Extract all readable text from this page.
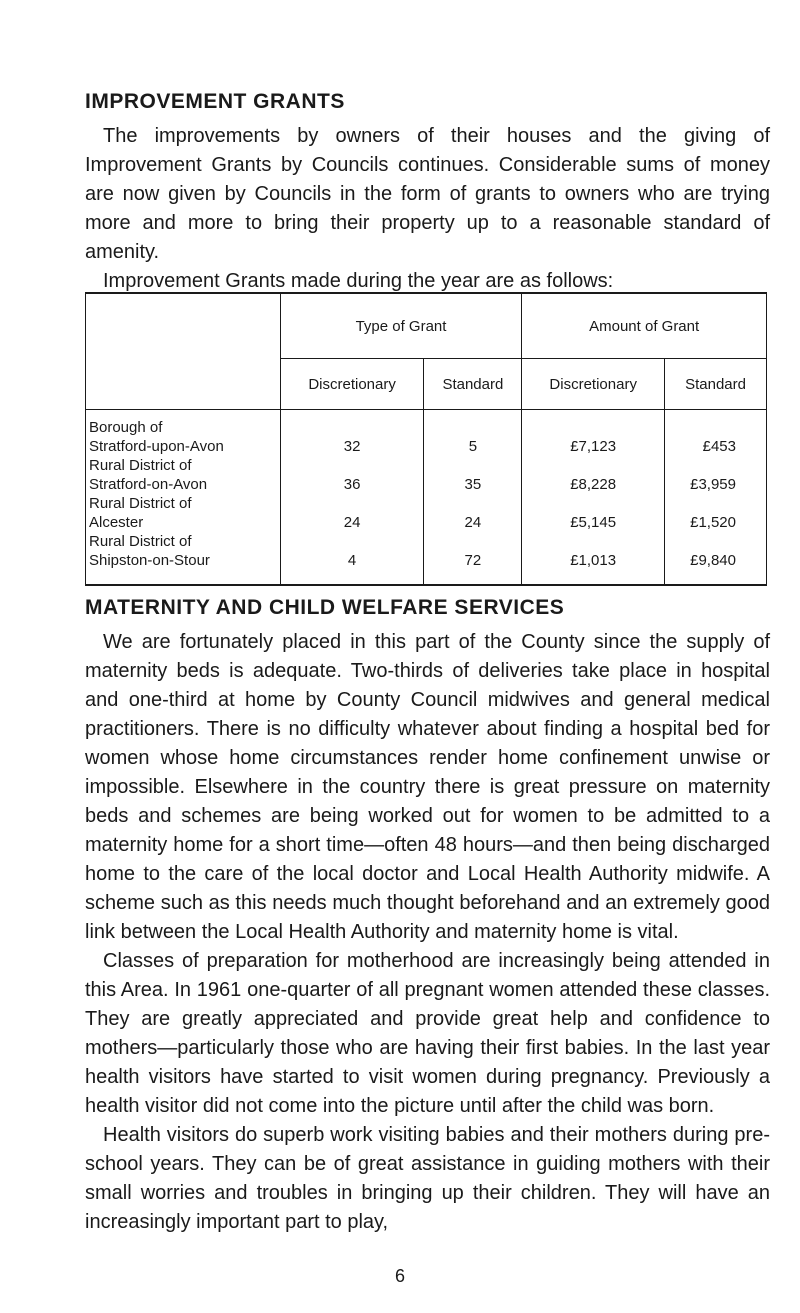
IMPROVEMENT GRANTS

The improvements by owners of their houses and the giving of Improvement Grants by Councils continues. Considerable sums of money are now given by Councils in the form of grants to owners who are trying more and more to bring their property up to a reasonable standard of amenity.

Improvement Grants made during the year are as follows:

	Type of Grant		Amount of Grant	
	Discretionary	Standard	Discretionary	Standard
Borough of
Stratford-upon-Avon	32	5	£7,123	£453
Rural District of
Stratford-on-Avon	36	35	£8,228	£3,959
Rural District of
Alcester	24	24	£5,145	£1,520
Rural District of
Shipston-on-Stour	4	72	£1,013	£9,840
MATERNITY AND CHILD WELFARE SERVICES

We are fortunately placed in this part of the County since the supply of maternity beds is adequate. Two-thirds of deliveries take place in hospital and one-third at home by County Council midwives and general medical practitioners. There is no difficulty whatever about finding a hospital bed for women whose home circumstances render home confinement unwise or impossible. Elsewhere in the country there is great pressure on maternity beds and schemes are being worked out for women to be admitted to a maternity home for a short time—often 48 hours—and then being discharged home to the care of the local doctor and Local Health Authority midwife. A scheme such as this needs much thought beforehand and an extremely good link between the Local Health Authority and maternity home is vital.

Classes of preparation for motherhood are increasingly being attended in this Area. In 1961 one-quarter of all pregnant women attended these classes. They are greatly appreciated and provide great help and confidence to mothers—particularly those who are having their first babies. In the last year health visitors have started to visit women during pregnancy. Previously a health visitor did not come into the picture until after the child was born.

Health visitors do superb work visiting babies and their mothers during pre-school years. They can be of great assistance in guiding mothers with their small worries and troubles in bringing up their children. They will have an increasingly important part to play,

6
